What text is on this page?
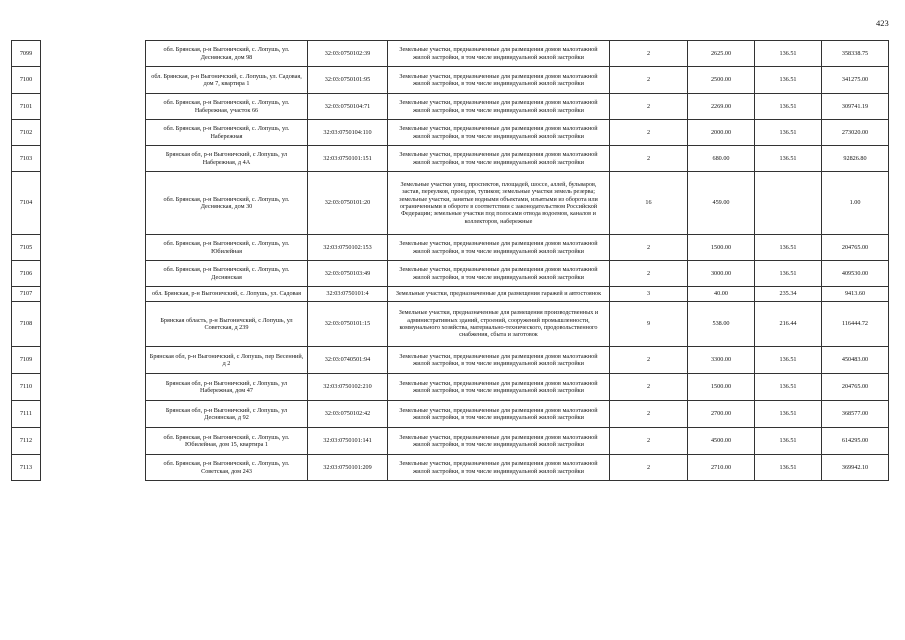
423
7099		обл. Брянская, р-н Выгоничский, с. Лопушь, ул. Деснянская, дом 98	32:03:0750102:39	Земельные участки, предназначенные для размещения домов малоэтажной жилой застройки, в том числе индивидуальной жилой застройки	2	2625.00	136.51	358338.75
7100		обл. Брянская, р-н Выгоничский, с. Лопушь, ул. Садовая, дом 7, квартира 1	32:03:0750101:95	Земельные участки, предназначенные для размещения домов малоэтажной жилой застройки, в том числе индивидуальной жилой застройки	2	2500.00	136.51	341275.00
7101		обл. Брянская, р-н Выгоничский, с. Лопушь, ул. Набережная, участок 66	32:03:0750104:71	Земельные участки, предназначенные для размещения домов малоэтажной жилой застройки, в том числе индивидуальной жилой застройки	2	2269.00	136.51	309741.19
7102		обл. Брянская, р-н Выгоничский, с. Лопушь, ул. Набережная	32:03:0750104:110	Земельные участки, предназначенные для размещения домов малоэтажной жилой застройки, в том числе индивидуальной жилой застройки	2	2000.00	136.51	273020.00
7103		Брянская обл, р-н Выгоничский, с Лопушь, ул Набережная, д 4А	32:03:0750101:151	Земельные участки, предназначенные для размещения домов малоэтажной жилой застройки, в том числе индивидуальной жилой застройки	2	680.00	136.51	92826.80
7104		обл. Брянская, р-н Выгоничский, с. Лопушь, ул. Деснянская, дом 30	32:03:0750101:20	Земельные участки улиц, проспектов, площадей, шоссе, аллей, бульваров, застав, переулков, проездов, тупиков; земельные участки земель резерва; земельные участки, занятые водными объектами, изъятыми из оборота или ограниченными в обороте в соответствии с законодательством Российской Федерации; земельные участки под полосами отвода водоемов, каналов и коллекторов, набережные	16	459.00		1.00
7105		обл. Брянская, р-н Выгоничский, с. Лопушь, ул. Юбилейная	32:03:0750102:153	Земельные участки, предназначенные для размещения домов малоэтажной жилой застройки, в том числе индивидуальной жилой застройки	2	1500.00	136.51	204765.00
7106		обл. Брянская, р-н Выгоничский, с. Лопушь, ул. Деснянская	32:03:0750103:49	Земельные участки, предназначенные для размещения домов малоэтажной жилой застройки, в том числе индивидуальной жилой застройки	2	3000.00	136.51	409530.00
7107		обл. Брянская, р-н Выгоничский, с. Лопушь, ул. Садовая	32:03:0750101:4	Земельные участки, предназначенные для размещения гаражей и автостоянок	3	40.00	235.34	9413.60
7108		Брянская область, р-н Выгоничский, с Лопушь, ул Советская, д 239	32:03:0750101:15	Земельные участки, предназначенные для размещения производственных и административных зданий, строений, сооружений промышленности, коммунального хозяйства, материально-технического, продовольственного снабжения, сбыта и заготовок	9	538.00	216.44	116444.72
7109		Брянская обл, р-н Выгоничский, с Лопушь, пер Весенний, д 2	32:03:0740501:94	Земельные участки, предназначенные для размещения домов малоэтажной жилой застройки, в том числе индивидуальной жилой застройки	2	3300.00	136.51	450483.00
7110		Брянская обл, р-н Выгоничский, с Лопушь, ул Набережная, дом 47	32:03:0750102:210	Земельные участки, предназначенные для размещения домов малоэтажной жилой застройки, в том числе индивидуальной жилой застройки	2	1500.00	136.51	204765.00
7111		Брянская обл, р-н Выгоничский, с Лопушь, ул Деснянская, д 92	32:03:0750102:42	Земельные участки, предназначенные для размещения домов малоэтажной жилой застройки, в том числе индивидуальной жилой застройки	2	2700.00	136.51	368577.00
7112		обл. Брянская, р-н Выгоничский, с. Лопушь, ул. Юбилейная, дом 15, квартира 1	32:03:0750101:141	Земельные участки, предназначенные для размещения домов малоэтажной жилой застройки, в том числе индивидуальной жилой застройки	2	4500.00	136.51	614295.00
7113		обл. Брянская, р-н Выгоничский, с. Лопушь, ул. Советская, дом 243	32:03:0750101:209	Земельные участки, предназначенные для размещения домов малоэтажной жилой застройки, в том числе индивидуальной жилой застройки	2	2710.00	136.51	369942.10
